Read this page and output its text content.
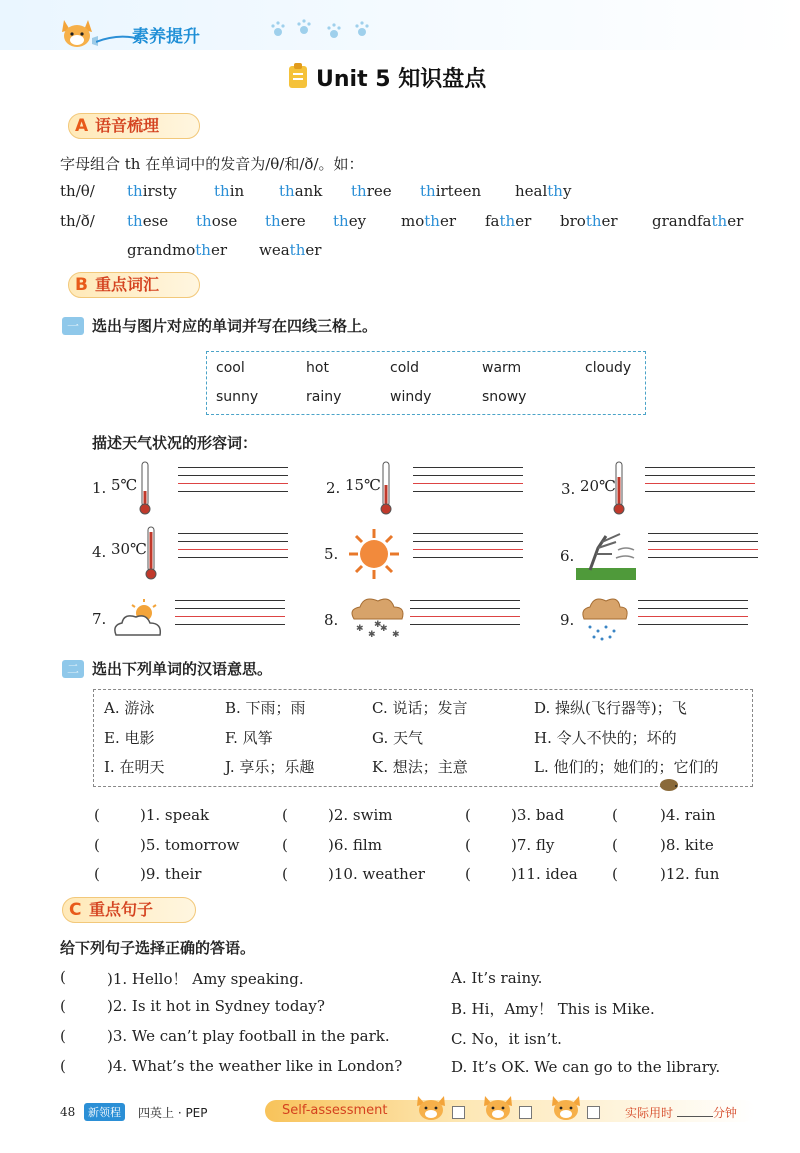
素养提升
Unit 5 知识盘点
A 语音梳理
字母组合 th 在单词中的发音为/θ/和/ð/。如：
th/θ/ thirsty thin thank three thirteen healthy
th/ð/ these those there they mother father brother grandfather
grandmother weather
B 重点词汇
一 选出与图片对应的单词并写在四线三格上。
cool	hot	cold	warm	cloudy
sunny	rainy	windy	snowy
描述天气状况的形容词：
1. 5℃	2. 15℃	3. 20℃
4. 30℃	5.	6.
7.	8.	9.
✱
✱
✱
✱
✱
二 选出下列单词的汉语意思。
A. 游泳	B. 下雨；雨	C. 说话；发言	D. 操纵(飞行器等)；飞
E. 电影	F. 风筝	G. 天气	H. 令人不快的；坏的
I. 在明天	J. 享乐；乐趣	K. 想法；主意	L. 他们的；她们的；它们的
(	)1. speak	(	)2. swim	(	)3. bad	(	)4. rain
(	)5. tomorrow	(	)6. film	(	)7. fly	(	)8. kite
(	)9. their	(	)10. weather	(	)11. idea (	)12. fun
C 重点句子
给下列句子选择正确的答语。
(	)1. Hello！ Amy speaking.	A. It’s rainy.
(	)2. Is it hot in Sydney today?	B. Hi，Amy！ This is Mike.
(	)3. We can’t play football in the park.	C. No，it isn’t.
(	)4. What’s the weather like in London?	D. It’s OK. We can go to the library.
48	新领程	四英上 · PEP	Self-assessment	实际用时	分钟
